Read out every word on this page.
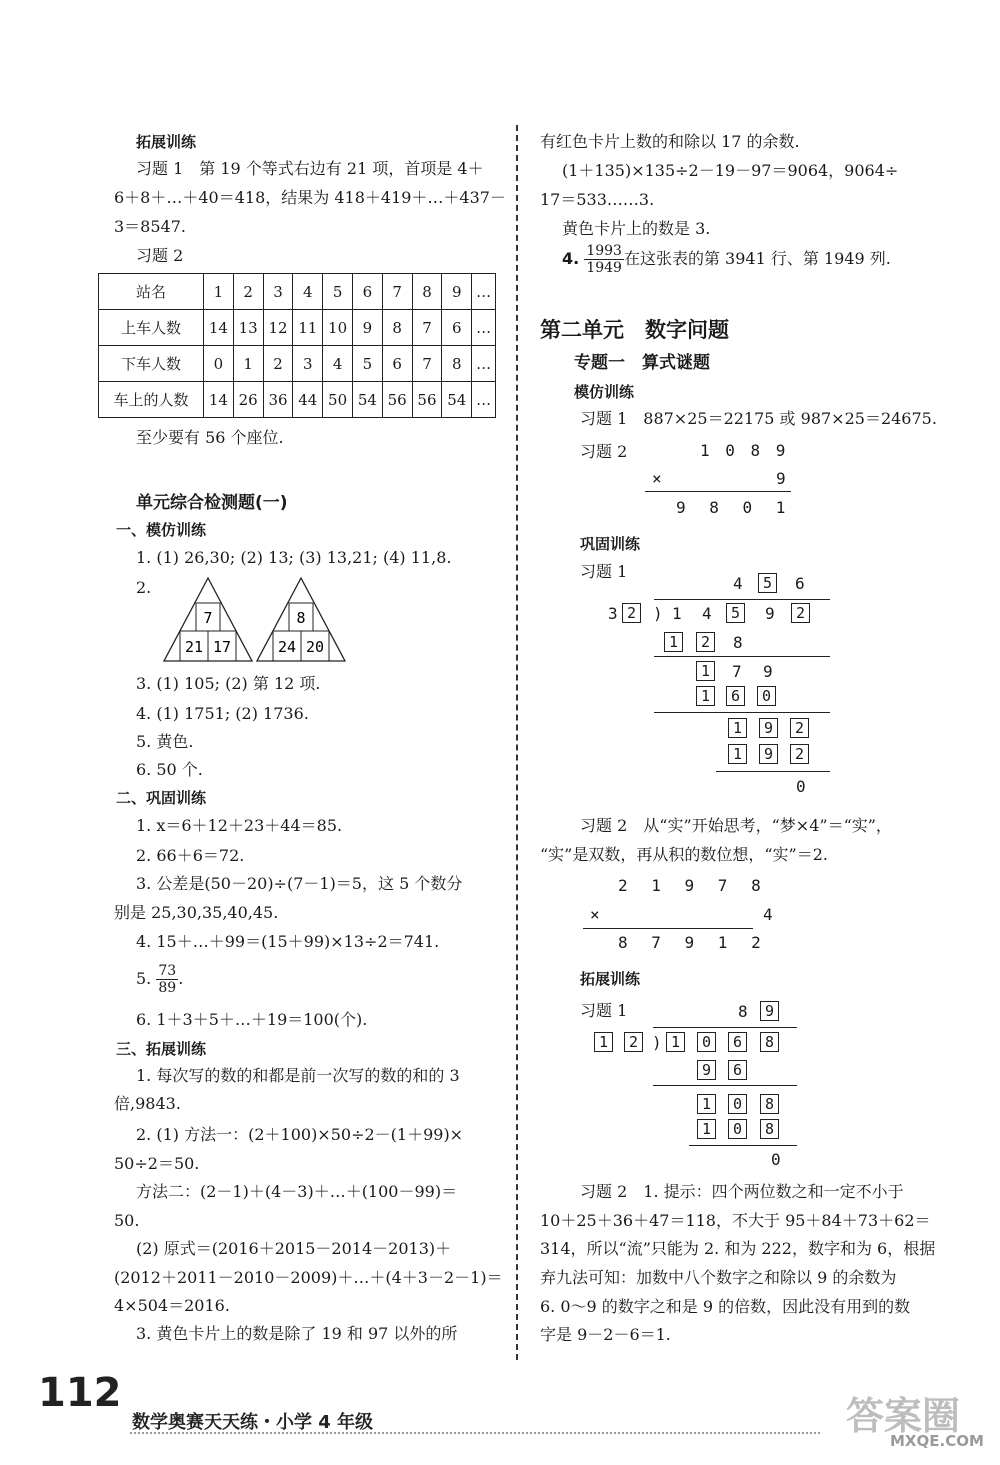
拓展训练
习题 1　第 19 个等式右边有 21 项，首项是 4＋
6＋8＋…＋40＝418，结果为 418＋419＋…＋437－
3＝8547.
习题 2
站名	1	2	3	4	5	6	7	8	9	…
上车人数	14	13	12	11	10	9	8	7	6	…
下车人数	0	1	2	3	4	5	6	7	8	…
车上的人数	14	26	36	44	50	54	56	56	54	…
至少要有 56 个座位.
单元综合检测题(一)
一、模仿训练
1. (1) 26,30; (2) 13; (3) 13,21; (4) 11,8.
2.
7
21 17
8
24 20
3. (1) 105; (2) 第 12 项.
4. (1) 1751; (2) 1736.
5. 黄色.
6. 50 个.
二、巩固训练
1. x＝6＋12＋23＋44＝85.
2. 66＋6＝72.
3. 公差是(50－20)÷(7－1)＝5，这 5 个数分
别是 25,30,35,40,45.
4. 15＋…＋99＝(15＋99)×13÷2＝741.
5. $\frac{73}{89}$ .
6. 1＋3＋5＋…＋19＝100(个).
三、拓展训练
1. 每次写的数的和都是前一次写的数的和的 3
倍,9843.
2. (1) 方法一：(2＋100)×50÷2－(1＋99)×
50÷2＝50.
方法二：(2－1)＋(4－3)＋…＋(100－99)＝
50.
(2) 原式＝(2016＋2015－2014－2013)＋
(2012＋2011－2010－2009)＋…＋(4＋3－2－1)＝
4×504＝2016.
3. 黄色卡片上的数是除了 19 和 97 以外的所
有红色卡片上数的和除以 17 的余数.
(1＋135)×135÷2－19－97＝9064，9064÷
17＝533……3.
黄色卡片上的数是 3.
4. $\frac{1993}{1949}$ 在这张表的第 3941 行、第 1949 列.
第二单元　数字问题
专题一　算式谜题
模仿训练
习题 1　887×25＝22175 或 987×25＝24675.
习题 2	1 0 8 9
×	9
9 8 0 1
巩固训练
习题 1
4	5	6
3 2	) 1 4	5	9	2
1	2	8
1	7 9
1	6	0
1	9	2
1	9	2
0
习题 2　从“实”开始思考，“梦×4”＝“实”，
“实”是双数，再从积的数位想，“实”＝2.
2 1 9 7 8
×	4
8 7 9 1 2
拓展训练
习题 1	8	9
1	2 ) 1	0	6	8
9	6
1	0	8
1	0	8
0
习题 2　1. 提示：四个两位数之和一定不小于
10＋25＋36＋47＝118，不大于 95＋84＋73＋62＝
314，所以“流”只能为 2. 和为 222，数字和为 6，根据
弃九法可知：加数中八个数字之和除以 9 的余数为
6. 0～9 的数字之和是 9 的倍数，因此没有用到的数
字是 9－2－6＝1.
112
数学奥赛天天练・小学 4 年级	答案圈
MXQE.COM
